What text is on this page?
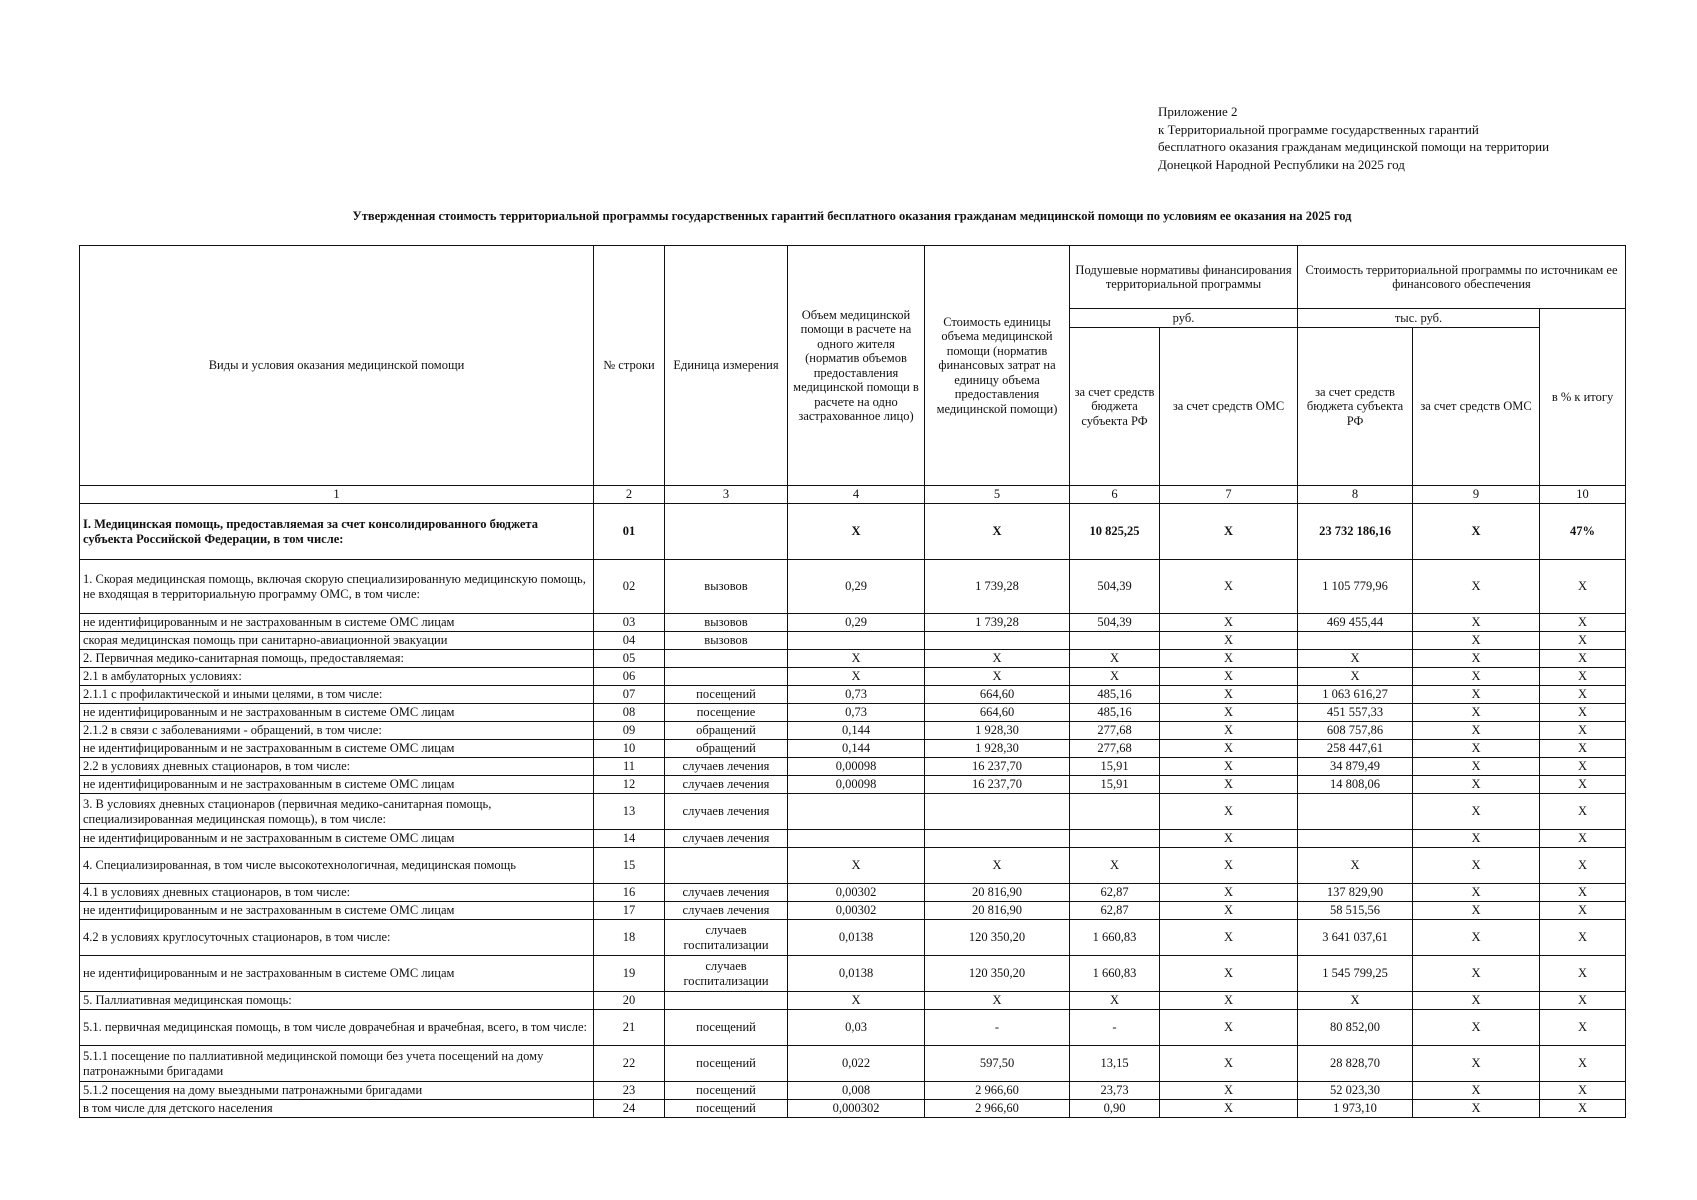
Приложение 2
к Территориальной программе государственных гарантий
бесплатного оказания гражданам медицинской помощи на территории
Донецкой Народной Республики на 2025 год
Утвержденная стоимость территориальной программы государственных гарантий бесплатного оказания гражданам медицинской помощи по условиям ее оказания на 2025 год
Виды и условия оказания медицинской помощи	№ строки	Единица измерения	Объем медицинской помощи в расчете на одного жителя (норматив объемов предоставления медицинской помощи в расчете на одно застрахованное лицо)	Стоимость единицы объема медицинской помощи (норматив финансовых затрат на единицу объема предоставления медицинской помощи)	Подушевые нормативы финансирования территориальной программы		Стоимость территориальной программы по источникам ее финансового обеспечения		
					руб.		тыс. руб.		в % к итогу
					за счет средств бюджета субъекта РФ	за счет средств ОМС	за счет средств бюджета субъекта РФ	за счет средств ОМС	
1	2	3	4	5	6	7	8	9	10
I. Медицинская помощь, предоставляемая за счет консолидированного бюджета субъекта Российской Федерации, в том числе:	01		X	X	10 825,25	X	23 732 186,16	X	47%
1. Скорая медицинская помощь, включая скорую специализированную медицинскую помощь, не входящая в территориальную программу ОМС, в том числе:	02	вызовов	0,29	1 739,28	504,39	X	1 105 779,96	X	X
не идентифицированным и не застрахованным в системе ОМС лицам	03	вызовов	0,29	1 739,28	504,39	X	469 455,44	X	X
скорая медицинская помощь при санитарно-авиационной эвакуации	04	вызовов				X		X	X
2. Первичная медико-санитарная помощь, предоставляемая:	05		X	X	X	X	X	X	X
2.1 в амбулаторных условиях:	06		X	X	X	X	X	X	X
2.1.1 с профилактической и иными целями, в том числе:	07	посещений	0,73	664,60	485,16	X	1 063 616,27	X	X
не идентифицированным и не застрахованным в системе ОМС лицам	08	посещение	0,73	664,60	485,16	X	451 557,33	X	X
2.1.2 в связи с заболеваниями - обращений, в том числе:	09	обращений	0,144	1 928,30	277,68	X	608 757,86	X	X
не идентифицированным и не застрахованным в системе ОМС лицам	10	обращений	0,144	1 928,30	277,68	X	258 447,61	X	X
2.2 в условиях дневных стационаров, в том числе:	11	случаев лечения	0,00098	16 237,70	15,91	X	34 879,49	X	X
не идентифицированным и не застрахованным в системе ОМС лицам	12	случаев лечения	0,00098	16 237,70	15,91	X	14 808,06	X	X
3. В условиях дневных стационаров (первичная медико-санитарная помощь, специализированная медицинская помощь), в том числе:	13	случаев лечения				X		X	X
не идентифицированным и не застрахованным в системе ОМС лицам	14	случаев лечения				X		X	X
4. Специализированная, в том числе высокотехнологичная, медицинская помощь	15		X	X	X	X	X	X	X
4.1 в условиях дневных стационаров, в том числе:	16	случаев лечения	0,00302	20 816,90	62,87	X	137 829,90	X	X
не идентифицированным и не застрахованным в системе ОМС лицам	17	случаев лечения	0,00302	20 816,90	62,87	X	58 515,56	X	X
4.2 в условиях круглосуточных стационаров, в том числе:	18	случаев госпитализации	0,0138	120 350,20	1 660,83	X	3 641 037,61	X	X
не идентифицированным и не застрахованным в системе ОМС лицам	19	случаев госпитализации	0,0138	120 350,20	1 660,83	X	1 545 799,25	X	X
5. Паллиативная медицинская помощь:	20		X	X	X	X	X	X	X
5.1. первичная медицинская помощь, в том числе доврачебная и врачебная, всего, в том числе:	21	посещений	0,03	-	-	X	80 852,00	X	X
5.1.1 посещение по паллиативной медицинской помощи без учета посещений на дому патронажными бригадами	22	посещений	0,022	597,50	13,15	X	28 828,70	X	X
5.1.2 посещения на дому выездными патронажными бригадами	23	посещений	0,008	2 966,60	23,73	X	52 023,30	X	X
в том числе для детского населения	24	посещений	0,000302	2 966,60	0,90	X	1 973,10	X	X
